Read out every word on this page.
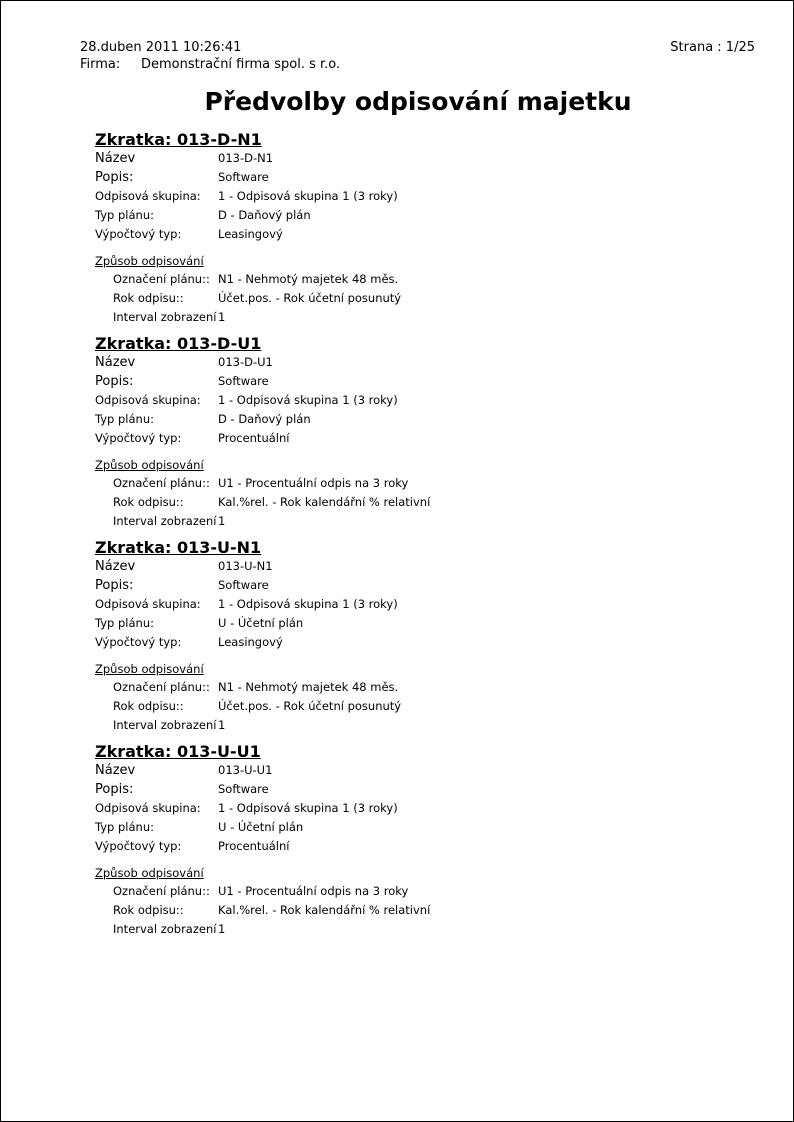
28.duben 2011 10:26:41	Strana : 1/25
Firma: Demonstrační firma spol. s r.o.
Předvolby odpisování majetku
Zkratka: 013-D-N1
Název	013-D-N1
Popis:	Software
Odpisová skupina: 1 - Odpisová skupina 1 (3 roky)
Typ plánu:	D - Daňový plán
Výpočtový typ:	Leasingový
Způsob odpisování
Označení plánu:: N1 - Nehmotý majetek 48 měs.
Rok odpisu::	Účet.pos. - Rok účetní posunutý
Interval zobrazení 1
Zkratka: 013-D-U1
Název	013-D-U1
Popis:	Software
Odpisová skupina: 1 - Odpisová skupina 1 (3 roky)
Typ plánu:	D - Daňový plán
Výpočtový typ:	Procentuální
Způsob odpisování
Označení plánu:: U1 - Procentuální odpis na 3 roky
Rok odpisu::	Kal.%rel. - Rok kalendářní % relativní
Interval zobrazení 1
Zkratka: 013-U-N1
Název	013-U-N1
Popis:	Software
Odpisová skupina: 1 - Odpisová skupina 1 (3 roky)
Typ plánu:	U - Účetní plán
Výpočtový typ:	Leasingový
Způsob odpisování
Označení plánu:: N1 - Nehmotý majetek 48 měs.
Rok odpisu::	Účet.pos. - Rok účetní posunutý
Interval zobrazení 1
Zkratka: 013-U-U1
Název	013-U-U1
Popis:	Software
Odpisová skupina: 1 - Odpisová skupina 1 (3 roky)
Typ plánu:	U - Účetní plán
Výpočtový typ:	Procentuální
Způsob odpisování
Označení plánu:: U1 - Procentuální odpis na 3 roky
Rok odpisu::	Kal.%rel. - Rok kalendářní % relativní
Interval zobrazení 1
